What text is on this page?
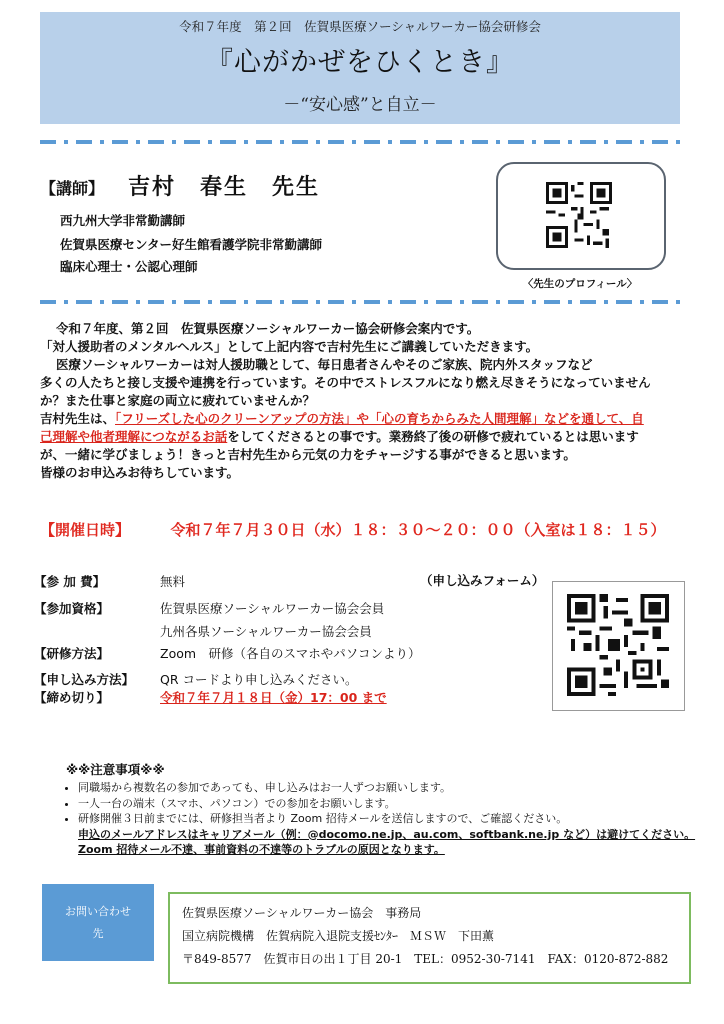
令和７年度　第２回　佐賀県医療ソーシャルワーカー協会研修会
『心がかぜをひくとき』
－“安心感”と自立－
【講師】 吉村　春生　先生
西九州大学非常勤講師
佐賀県医療センター好生館看護学院非常勤講師
臨床心理士・公認心理師
〈先生のプロフィール〉
令和７年度、第２回　佐賀県医療ソーシャルワーカー協会研修会案内です。
「対人援助者のメンタルヘルス」として上記内容で吉村先生にご講義していただきます。
医療ソーシャルワーカーは対人援助職として、毎日患者さんやそのご家族、院内外スタッフなど
多くの人たちと接し支援や連携を行っています。その中でストレスフルになり燃え尽きそうになっていません
か？また仕事と家庭の両立に疲れていませんか？
吉村先生は、「フリーズした心のクリーンアップの方法」や「心の育ちからみた人間理解」などを通して、自
己理解や他者理解につながるお話をしてくださるとの事です。業務終了後の研修で疲れているとは思います
が、一緒に学びましょう！きっと吉村先生から元気の力をチャージする事ができると思います。
皆様のお申込みお待ちしています。
【開催日時】	令和７年７月３０日（水）１８：３０〜２０：００（入室は１８：１５）
（申し込みフォーム）
【参 加 費】	無料
【参加資格】	佐賀県医療ソーシャルワーカー協会会員
九州各県ソーシャルワーカー協会会員
【研修方法】	Zoom　研修（各自のスマホやパソコンより）
【申し込み方法】 QR コードより申し込みください。
【締め切り】	令和７年７月１８日（金）17：00 まで
※※注意事項※※
• 同職場から複数名の参加であっても、申し込みはお一人ずつお願いします。
• 一人一台の端末（スマホ、パソコン）での参加をお願いします。
• 研修開催３日前までには、研修担当者より Zoom 招待メールを送信しますので、ご確認ください。
申込のメールアドレスはキャリアメール（例：@docomo.ne.jp、au.com、softbank.ne.jp など）は避けてください。Zoom 招待メール不達、事前資料の不達等のトラブルの原因となります。
お問い合わせ先
佐賀県医療ソーシャルワーカー協会　事務局
国立病院機構　佐賀病院入退院支援ｾﾝﾀｰ　ＭＳＷ　下田薫
〒849-8577　佐賀市日の出１丁目 20-1　TEL：0952-30-7141　FAX：0120-872-882
